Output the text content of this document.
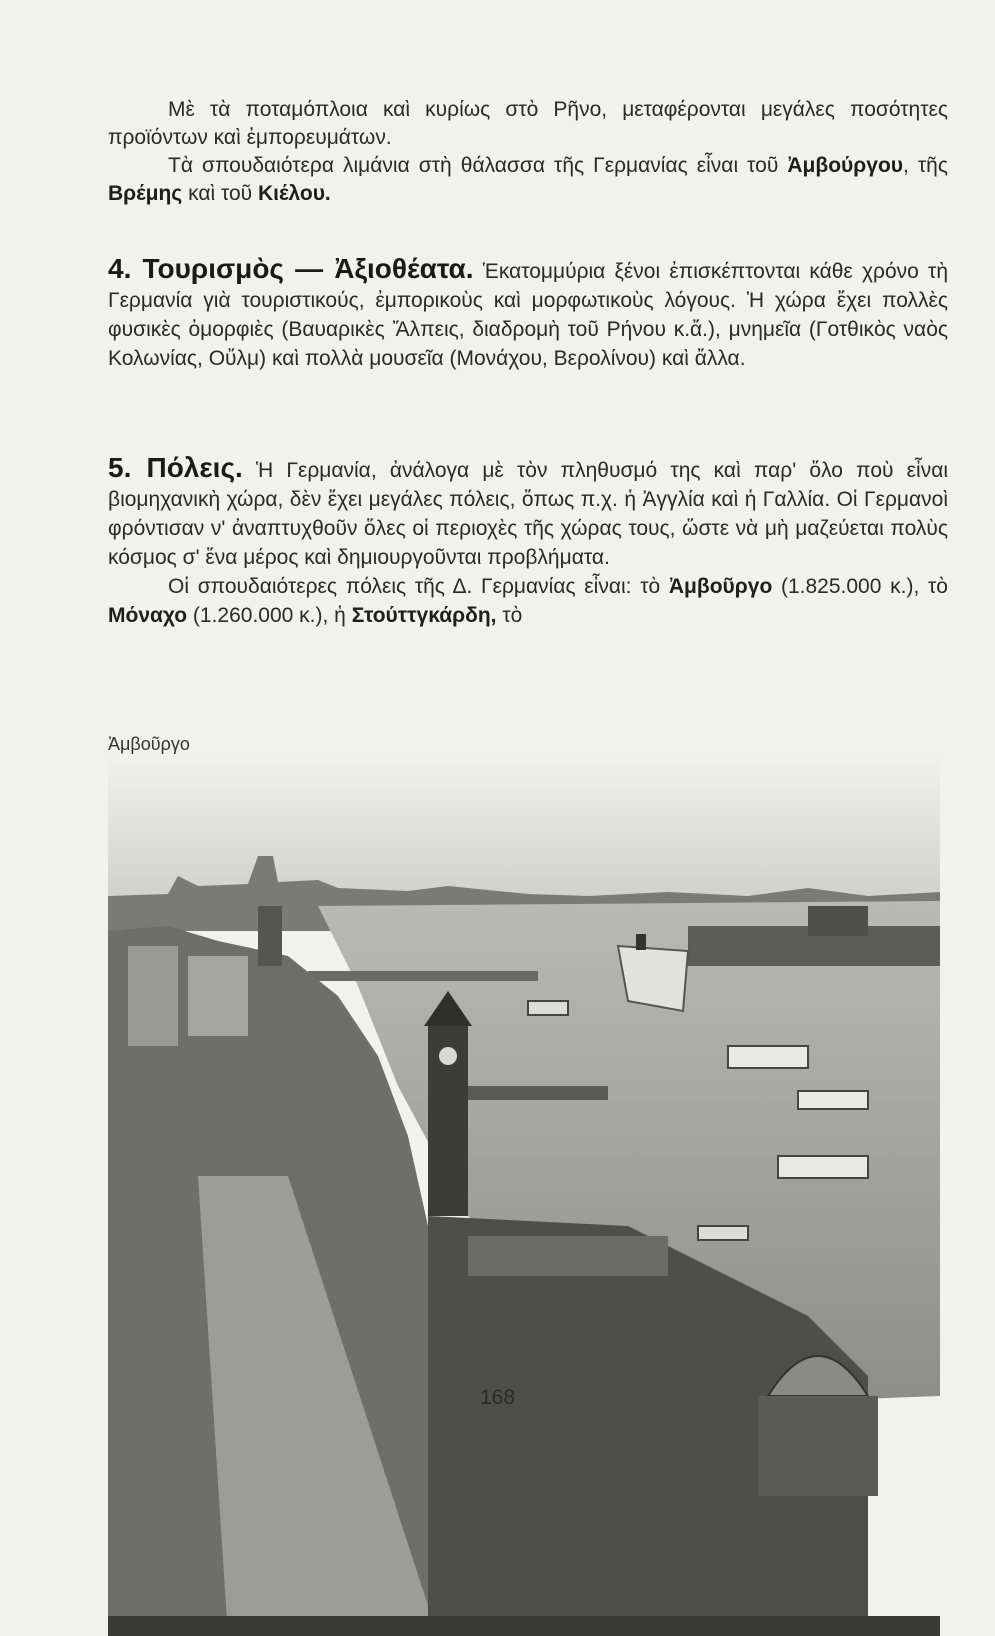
Μὲ τὰ ποταμόπλοια καὶ κυρίως στὸ Ρῆνο, μεταφέρονται μεγάλες ποσότητες προϊόντων καὶ ἐμπορευμάτων.

Τὰ σπουδαιότερα λιμάνια στὴ θάλασσα τῆς Γερμανίας εἶναι τοῦ Ἀμβούργου, τῆς Βρέμης καὶ τοῦ Κιέλου.

4. Τουρισμὸς — Ἀξιοθέατα. Ἑκατομμύρια ξένοι ἐπισκέπτονται κάθε χρόνο τὴ Γερμανία γιὰ τουριστικούς, ἐμπορικοὺς καὶ μορφωτικοὺς λόγους. Ἡ χώρα ἔχει πολλὲς φυσικὲς ὀμορφιὲς (Βαυαρικὲς Ἄλπεις, διαδρομὴ τοῦ Ρήνου κ.ἄ.), μνημεῖα (Γοτθικὸς ναὸς Κολωνίας, Οὔλμ) καὶ πολλὰ μουσεῖα (Μονάχου, Βερολίνου) καὶ ἄλλα.

5. Πόλεις. Ἡ Γερμανία, ἀνάλογα μὲ τὸν πληθυσμό της καὶ παρ' ὅλο ποὺ εἶναι βιομηχανικὴ χώρα, δὲν ἔχει μεγάλες πόλεις, ὅπως π.χ. ἡ Ἀγγλία καὶ ἡ Γαλλία. Οἱ Γερμανοὶ φρόντισαν ν' ἀναπτυχθοῦν ὅλες οἱ περιοχὲς τῆς χώρας τους, ὥστε νὰ μὴ μαζεύεται πολὺς κόσμος σ' ἕνα μέρος καὶ δημιουργοῦνται προβλήματα.

Οἱ σπουδαιότερες πόλεις τῆς Δ. Γερμανίας εἶναι: τὸ Ἀμβοῦργο (1.825.000 κ.), τὸ Μόναχο (1.260.000 κ.), ἡ Στούττγκάρδη, τὸ

Ἀμβοῦργο
168
